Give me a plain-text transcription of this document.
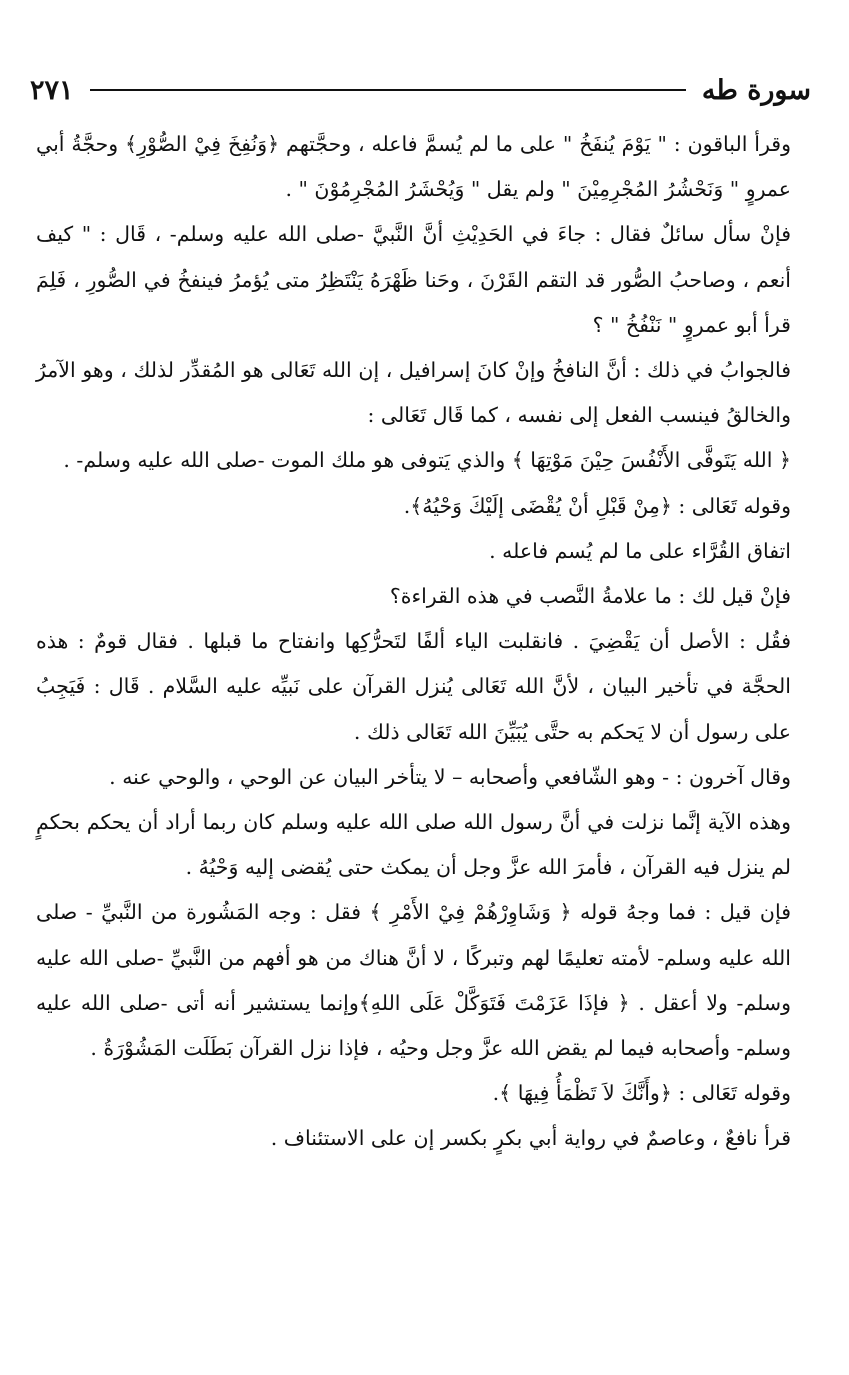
سورة طه
٢٧١

وقرأ الباقون : " يَوْمَ يُنفَخُ " على ما لم يُسمَّ فاعله ، وحجَّتهم ﴿وَنُفِخَ فِيْ الصُّوْرِ﴾ وحجَّةُ أبي عمروٍ " وَنَحْشُرُ المُجْرِمِيْنَ " ولم يقل " وَيُحْشَرُ المُجْرِمُوْنَ " .

فإنْ سأل سائلٌ فقال : جاءَ في الحَدِيْثِ أنَّ النَّبيَّ -صلى الله عليه وسلم- ، قَال : " كيف أنعم ، وصاحبُ الصُّور قد التقم القَرْنَ ، وحَنا ظَهْرَهُ يَنْتَظِرُ متى يُؤمرُ فينفخُ في الصُّورِ ، فَلِمَ قرأ أبو عمروٍ " نَنْفُخُ " ؟

فالجوابُ في ذلك : أنَّ النافخُ وإنْ كانَ إسرافيل ، إن الله تَعَالى هو المُقدِّر لذلك ، وهو الآمرُ والخالقُ فينسب الفعل إلى نفسه ، كما قَال تَعَالى :

﴿ الله يَتَوفَّى الأَنْفُسَ حِيْنَ مَوْتِهَا ﴾ والذي يَتوفى هو ملك الموت -صلى الله عليه وسلم- .

وقوله تَعَالى : ﴿مِنْ قَبْلِ أنْ يُقْضَى إلَيْكَ وَحْيُهُ﴾.

اتفاق القُرَّاء على ما لم يُسم فاعله .

فإنْ قيل لك : ما علامةُ النَّصب في هذه القراءة؟

فقُل : الأصل أن يَقْضِيَ . فانقلبت الياء ألفًا لتَحرُّكِها وانفتاح ما قبلها . فقال قومٌ : هذه الحجَّة في تأخير البيان ، لأنَّ الله تَعَالى يُنزل القرآن على نَبيِّه عليه السَّلام . قَال : فَيَجِبُ على رسول أن لا يَحكم به حتَّى يُبَيِّنَ الله تَعَالى ذلك .

وقال آخرون : - وهو الشّافعي وأصحابه – لا يتأخر البيان عن الوحي ، والوحي عنه .

وهذه الآية إنَّما نزلت في أنَّ رسول الله صلى الله عليه وسلم كان ربما أراد أن يحكم بحكمٍ لم ينزل فيه القرآن ، فأمرَ الله عزَّ وجل أن يمكث حتى يُقضى إليه وَحْيُهُ .

فإن قيل : فما وجهُ قوله ﴿ وَشَاوِرْهُمْ فِيْ الأَمْرِ ﴾ فقل : وجه المَشُورة من النَّبيِّ - صلى الله عليه وسلم- لأمته تعليمًا لهم وتبركًا ، لا أنَّ هناك من هو أفهم من النَّبيِّ -صلى الله عليه وسلم- ولا أعقل . ﴿ فإذَا عَزَمْتَ فَتَوَكَّلْ عَلَى اللهِ﴾وإنما يستشير أنه أتى -صلى الله عليه وسلم- وأصحابه فيما لم يقض الله عزَّ وجل وحيُه ، فإذا نزل القرآن بَطَلَت المَشُوْرَةُ .

وقوله تَعَالى : ﴿وأَنَّكَ لاَ تَظْمَأُ فِيهَا ﴾.

قرأ نافعٌ ، وعاصمٌ في رواية أبي بكرٍ بكسر إن على الاستئناف .
